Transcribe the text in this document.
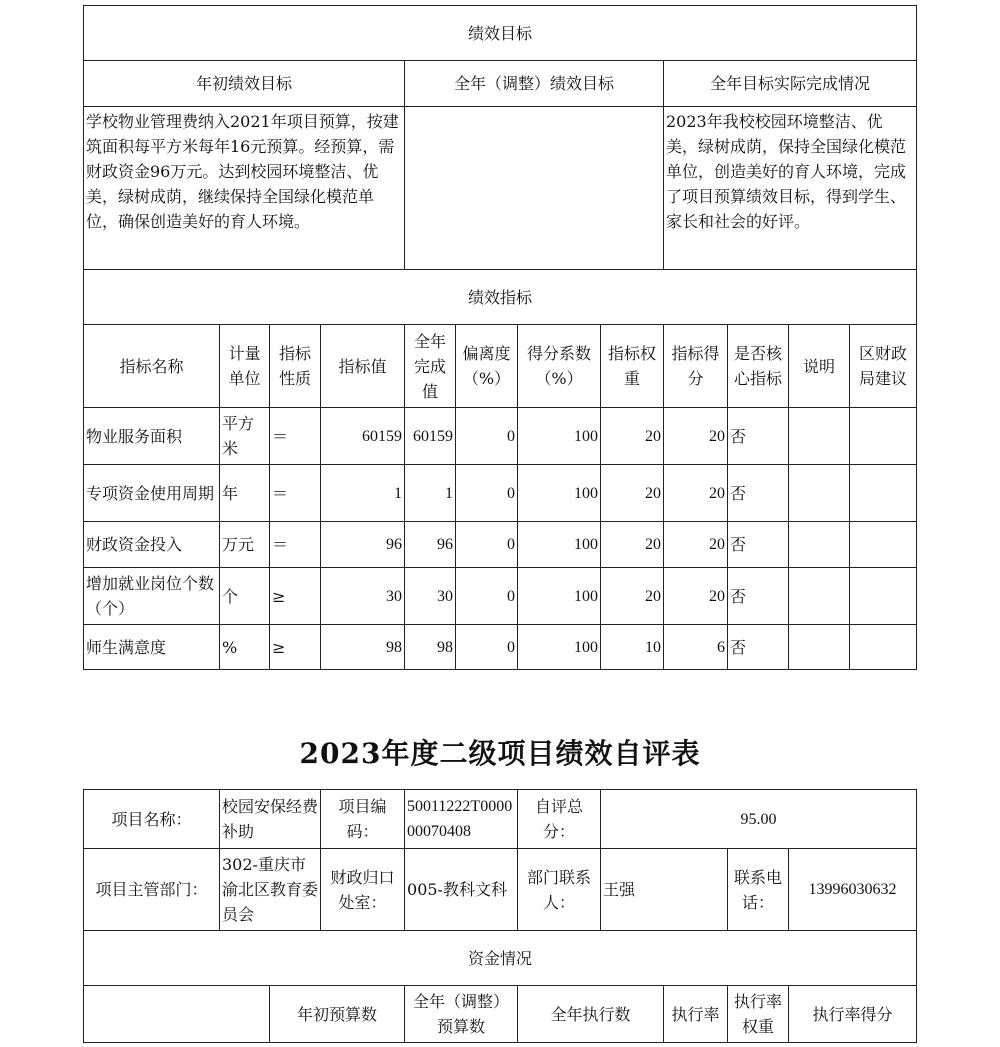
绩效目标											
年初绩效目标				全年（调整）绩效目标				全年目标实际完成情况			
学校物业管理费纳入2021年项目预算，按建筑面积每平方米每年16元预算。经预算，需财政资金96万元。达到校园环境整洁、优美，绿树成荫，继续保持全国绿化模范单位，确保创造美好的育人环境。								2023年我校校园环境整洁、优美，绿树成荫，保持全国绿化模范单位，创造美好的育人环境，完成了项目预算绩效目标，得到学生、家长和社会的好评。			
绩效指标											
指标名称	计量单位	指标性质	指标值	全年完成值	偏离度（%）	得分系数（%）	指标权重	指标得分	是否核心指标	说明	区财政局建议
物业服务面积	平方米	＝	60159	60159	0	100	20	20	否		
专项资金使用周期	年	＝	1	1	0	100	20	20	否		
财政资金投入	万元	＝	96	96	0	100	20	20	否		
增加就业岗位个数（个）	个	≥	30	30	0	100	20	20	否		
师生满意度	%	≥	98	98	0	100	10	6	否		
2023年度二级项目绩效自评表
项目名称：	校园安保经费补助		项目编码：	50011222T000000070408	自评总分：	95.00			
项目主管部门：	302-重庆市渝北区教育委员会		财政归口处室：	005-教科文科	部门联系人：	王强		联系电话：	13996030632
资金情况									
		年初预算数		全年（调整）预算数	全年执行数		执行率	执行率权重	执行率得分
